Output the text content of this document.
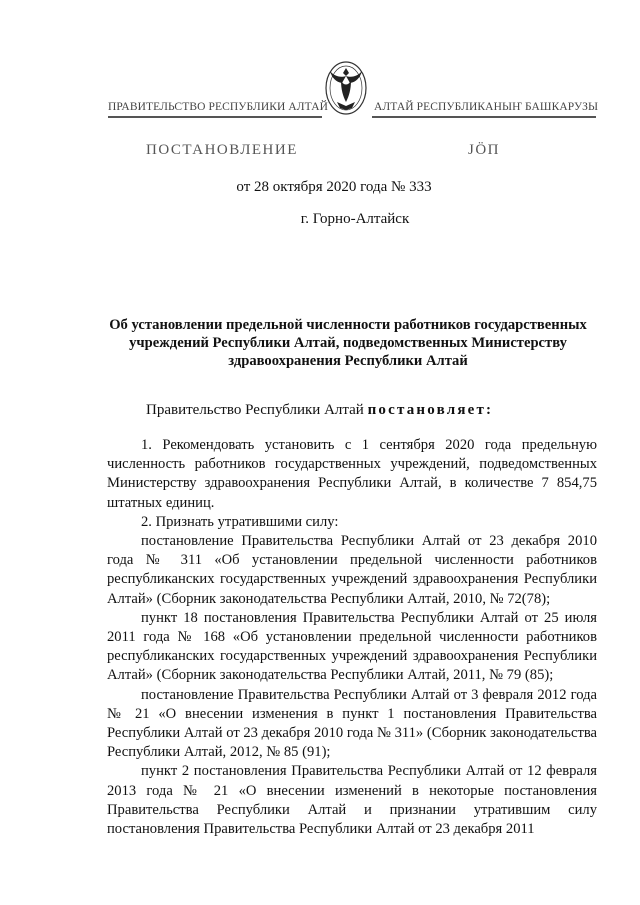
ПРАВИТЕЛЬСТВО РЕСПУБЛИКИ АЛТАЙ	АЛТАЙ РЕСПУБЛИКАНЫҤ БАШКАРУЗЫ
ПОСТАНОВЛЕНИЕ	ЈÖП
от 28 октября 2020 года № 333
г. Горно-Алтайск
Об установлении предельной численности работников государственных учреждений Республики Алтай, подведомственных Министерству здравоохранения Республики Алтай
Правительство Республики Алтай постановляет:

1. Рекомендовать установить с 1 сентября 2020 года предельную численность работников государственных учреждений, подведомственных Министерству здравоохранения Республики Алтай, в количестве 7 854,75 штатных единиц.

2. Признать утратившими силу:

постановление Правительства Республики Алтай от 23 декабря 2010 года № 311 «Об установлении предельной численности работников республиканских государственных учреждений здравоохранения Республики Алтай» (Сборник законодательства Республики Алтай, 2010, № 72(78);

пункт 18 постановления Правительства Республики Алтай от 25 июля 2011 года № 168 «Об установлении предельной численности работников республиканских государственных учреждений здравоохранения Республики Алтай» (Сборник законодательства Республики Алтай, 2011, № 79 (85);

постановление Правительства Республики Алтай от 3 февраля 2012 года № 21 «О внесении изменения в пункт 1 постановления Правительства Республики Алтай от 23 декабря 2010 года № 311» (Сборник законодательства Республики Алтай, 2012, № 85 (91);

пункт 2 постановления Правительства Республики Алтай от 12 февраля 2013 года № 21 «О внесении изменений в некоторые постановления Правительства Республики Алтай и признании утратившим силу постановления Правительства Республики Алтай от 23 декабря 2011
